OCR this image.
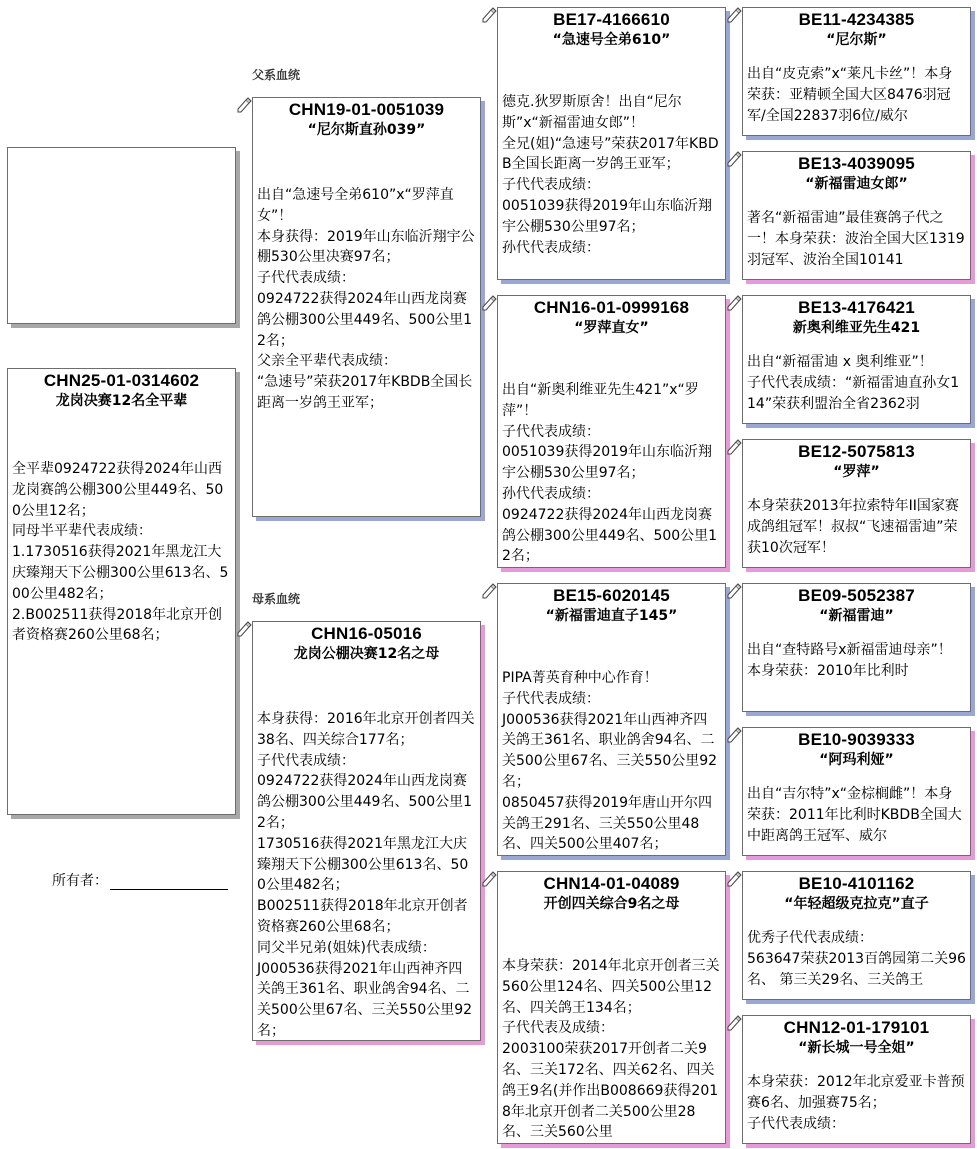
父系血统
母系血统
CHN25-01-0314602
龙岗决赛12名全平辈
全平辈0924722获得2024年山西龙岗赛鸽公棚300公里449名、500公里12名；
同母半平辈代表成绩：
1.1730516获得2021年黑龙江大庆臻翔天下公棚300公里613名、500公里482名；
2.B002511获得2018年北京开创者资格赛260公里68名；
所有者：
CHN19-01-0051039
“尼尔斯直孙039”
出自“急速号全弟610”x“罗萍直女”！
本身获得：2019年山东临沂翔宇公棚530公里决赛97名；
子代代表成绩：
0924722获得2024年山西龙岗赛鸽公棚300公里449名、500公里12名；
父亲全平辈代表成绩：
“急速号”荣获2017年KBDB全国长距离一岁鸽王亚军；
CHN16-05016
龙岗公棚决赛12名之母
本身获得：2016年北京开创者四关38名、四关综合177名；
子代代表成绩：
0924722获得2024年山西龙岗赛鸽公棚300公里449名、500公里12名；
1730516获得2021年黑龙江大庆臻翔天下公棚300公里613名、500公里482名；
B002511获得2018年北京开创者资格赛260公里68名；
同父半兄弟(姐妹)代表成绩：
J000536获得2021年山西神齐四关鸽王361名、职业鸽舍94名、二关500公里67名、三关550公里92名；
BE17-4166610
“急速号全弟610”
德克.狄罗斯原舍！出自“尼尔斯”x“新福雷迪女郎”！
全兄(姐)“急速号”荣获2017年KBDB全国长距离一岁鸽王亚军；
子代代表成绩：
0051039获得2019年山东临沂翔宇公棚530公里97名；
孙代代表成绩：
CHN16-01-0999168
“罗萍直女”
出自“新奥利维亚先生421”x“罗萍”！
子代代表成绩：
0051039获得2019年山东临沂翔宇公棚530公里97名；
孙代代表成绩：
0924722获得2024年山西龙岗赛鸽公棚300公里449名、500公里12名；
BE15-6020145
“新福雷迪直子145”
PIPA菁英育种中心作育！
子代代表成绩：
J000536获得2021年山西神齐四关鸽王361名、职业鸽舍94名、二关500公里67名、三关550公里92名；
0850457获得2019年唐山开尔四关鸽王291名、三关550公里48名、四关500公里407名；
CHN14-01-04089
开创四关综合9名之母
本身荣获：2014年北京开创者三关560公里124名、四关500公里12名、四关鸽王134名；
子代代表及成绩：
2003100荣获2017开创者二关9名、三关172名、四关62名、四关鸽王9名(并作出B008669获得2018年北京开创者二关500公里28名、三关560公里
BE11-4234385
“尼尔斯”
出自“皮克索”x“莱凡卡丝”！本身荣获：亚精顿全国大区8476羽冠军/全国22837羽6位/威尔
BE13-4039095
“新福雷迪女郎”
著名“新福雷迪”最佳赛鸽子代之一！本身荣获：波治全国大区1319羽冠军、波治全国10141
BE13-4176421
新奥利维亚先生421
出自“新福雷迪 x 奥利维亚”！
子代代表成绩：“新福雷迪直孙女114”荣获利盟治全省2362羽
BE12-5075813
“罗萍”
本身荣获2013年拉索特年II国家赛成鸽组冠军！叔叔“飞速福雷迪”荣获10次冠军！
BE09-5052387
“新福雷迪”
出自“查特路号x新福雷迪母亲”！
本身荣获：2010年比利时
BE10-9039333
“阿玛利娅”
出自“吉尔特”x“金棕榈雌”！本身荣获：2011年比利时KBDB全国大中距离鸽王冠军、威尔
BE10-4101162
“年轻超级克拉克”直子
优秀子代代表成绩：
563647荣获2013百鸽园第二关96名、 第三关29名、三关鸽王
CHN12-01-179101
“新长城一号全姐”
本身荣获：2012年北京爱亚卡普预赛6名、加强赛75名；
子代代表成绩：
